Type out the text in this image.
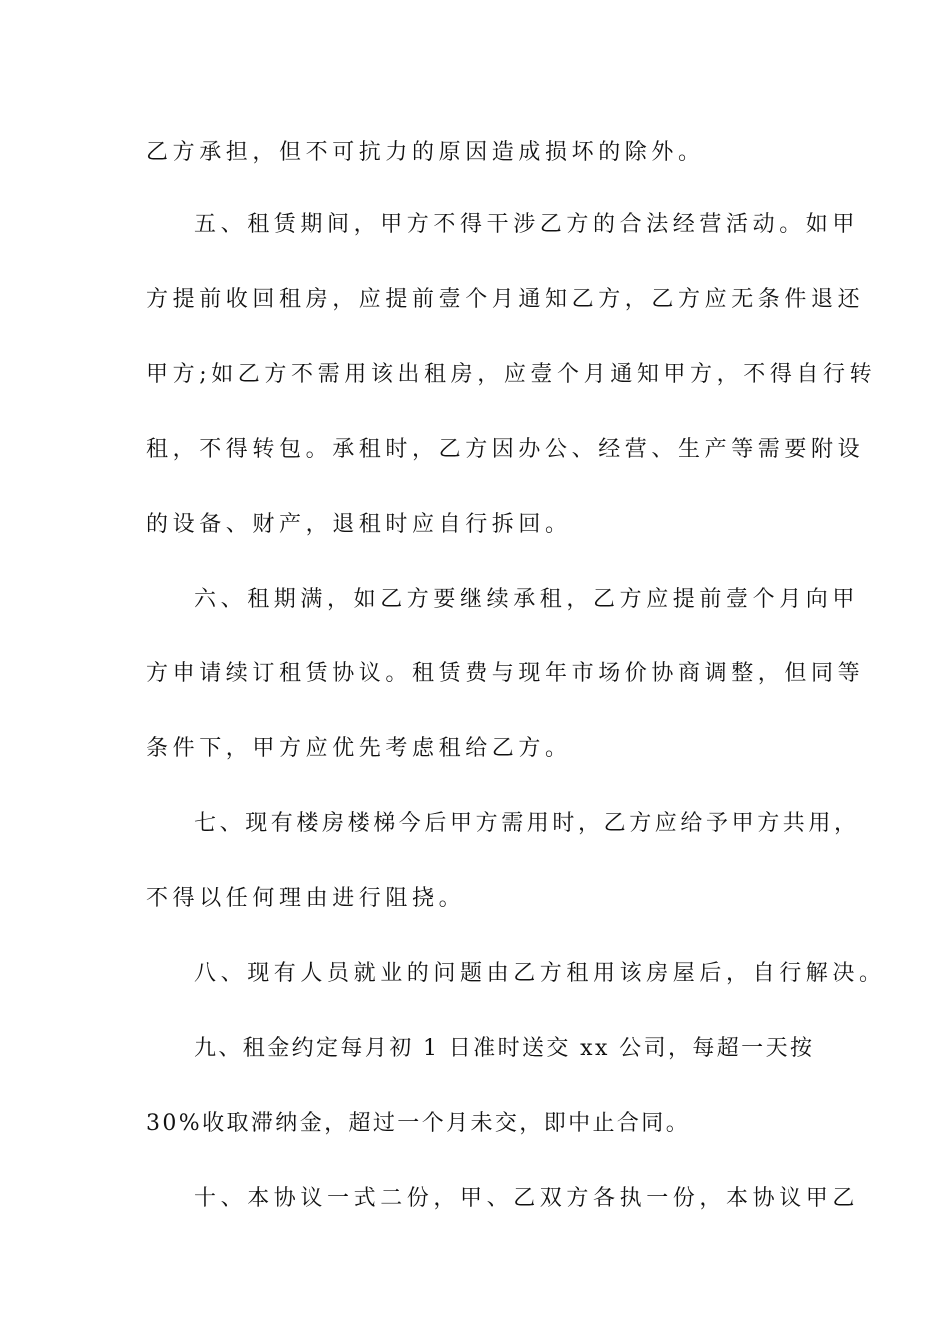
乙方承担，但不可抗力的原因造成损坏的除外。
五、租赁期间，甲方不得干涉乙方的合法经营活动。如甲
方提前收回租房，应提前壹个月通知乙方，乙方应无条件退还
甲方;如乙方不需用该出租房，应壹个月通知甲方，不得自行转
租，不得转包。承租时，乙方因办公、经营、生产等需要附设
的设备、财产，退租时应自行拆回。
六、租期满，如乙方要继续承租，乙方应提前壹个月向甲
方申请续订租赁协议。租赁费与现年市场价协商调整，但同等
条件下，甲方应优先考虑租给乙方。
七、现有楼房楼梯今后甲方需用时，乙方应给予甲方共用，
不得以任何理由进行阻挠。
八、现有人员就业的问题由乙方租用该房屋后，自行解决。
九、租金约定每月初 1 日准时送交 xx 公司，每超一天按
30%收取滞纳金，超过一个月未交，即中止合同。
十、本协议一式二份，甲、乙双方各执一份，本协议甲乙
